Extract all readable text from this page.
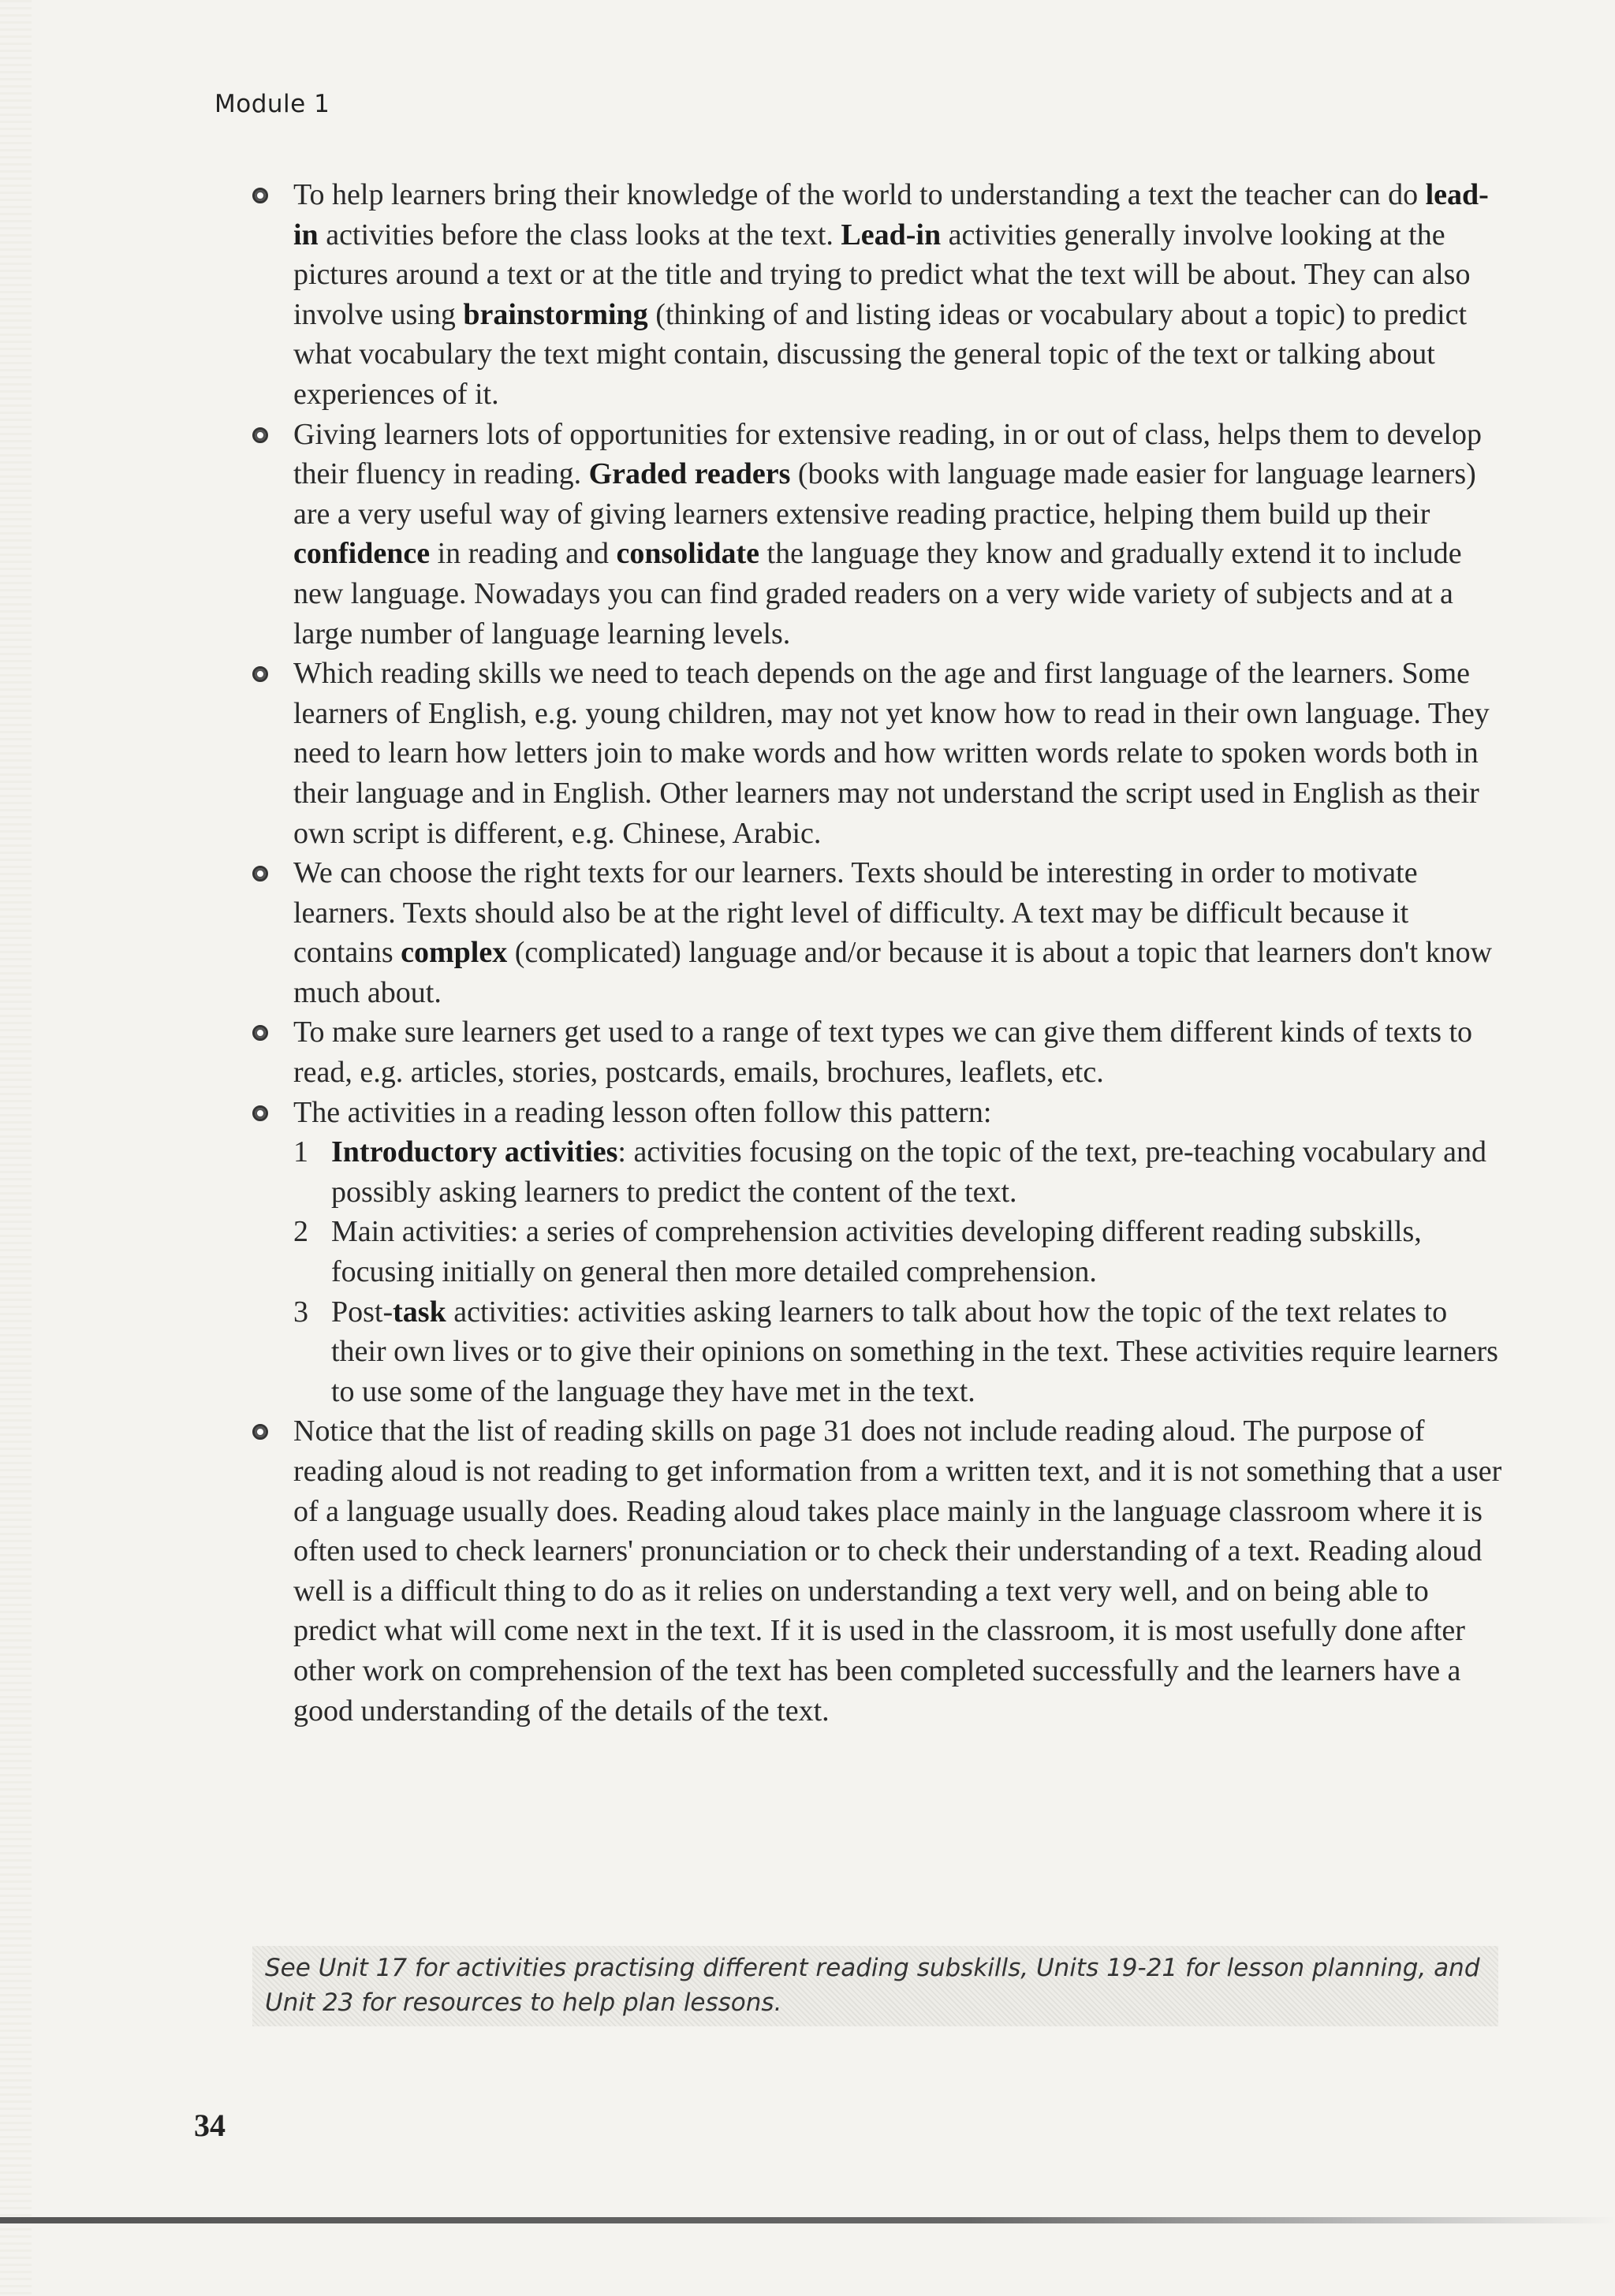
Module 1
To help learners bring their knowledge of the world to understanding a text the teacher can do lead-in activities before the class looks at the text. Lead-in activities generally involve looking at the pictures around a text or at the title and trying to predict what the text will be about. They can also involve using brainstorming (thinking of and listing ideas or vocabulary about a topic) to predict what vocabulary the text might contain, discussing the general topic of the text or talking about experiences of it.
Giving learners lots of opportunities for extensive reading, in or out of class, helps them to develop their fluency in reading. Graded readers (books with language made easier for language learners) are a very useful way of giving learners extensive reading practice, helping them build up their confidence in reading and consolidate the language they know and gradually extend it to include new language. Nowadays you can find graded readers on a very wide variety of subjects and at a large number of language learning levels.
Which reading skills we need to teach depends on the age and first language of the learners. Some learners of English, e.g. young children, may not yet know how to read in their own language. They need to learn how letters join to make words and how written words relate to spoken words both in their language and in English. Other learners may not understand the script used in English as their own script is different, e.g. Chinese, Arabic.
We can choose the right texts for our learners. Texts should be interesting in order to motivate learners. Texts should also be at the right level of difficulty. A text may be difficult because it contains complex (complicated) language and/or because it is about a topic that learners don't know much about.
To make sure learners get used to a range of text types we can give them different kinds of texts to read, e.g. articles, stories, postcards, emails, brochures, leaflets, etc.
The activities in a reading lesson often follow this pattern:
1 Introductory activities: activities focusing on the topic of the text, pre-teaching vocabulary and possibly asking learners to predict the content of the text.
2 Main activities: a series of comprehension activities developing different reading subskills, focusing initially on general then more detailed comprehension.
3 Post-task activities: activities asking learners to talk about how the topic of the text relates to their own lives or to give their opinions on something in the text. These activities require learners to use some of the language they have met in the text.
Notice that the list of reading skills on page 31 does not include reading aloud. The purpose of reading aloud is not reading to get information from a written text, and it is not something that a user of a language usually does. Reading aloud takes place mainly in the language classroom where it is often used to check learners' pronunciation or to check their understanding of a text. Reading aloud well is a difficult thing to do as it relies on understanding a text very well, and on being able to predict what will come next in the text. If it is used in the classroom, it is most usefully done after other work on comprehension of the text has been completed successfully and the learners have a good understanding of the details of the text.
See Unit 17 for activities practising different reading subskills, Units 19-21 for lesson planning, and Unit 23 for resources to help plan lessons.
34
